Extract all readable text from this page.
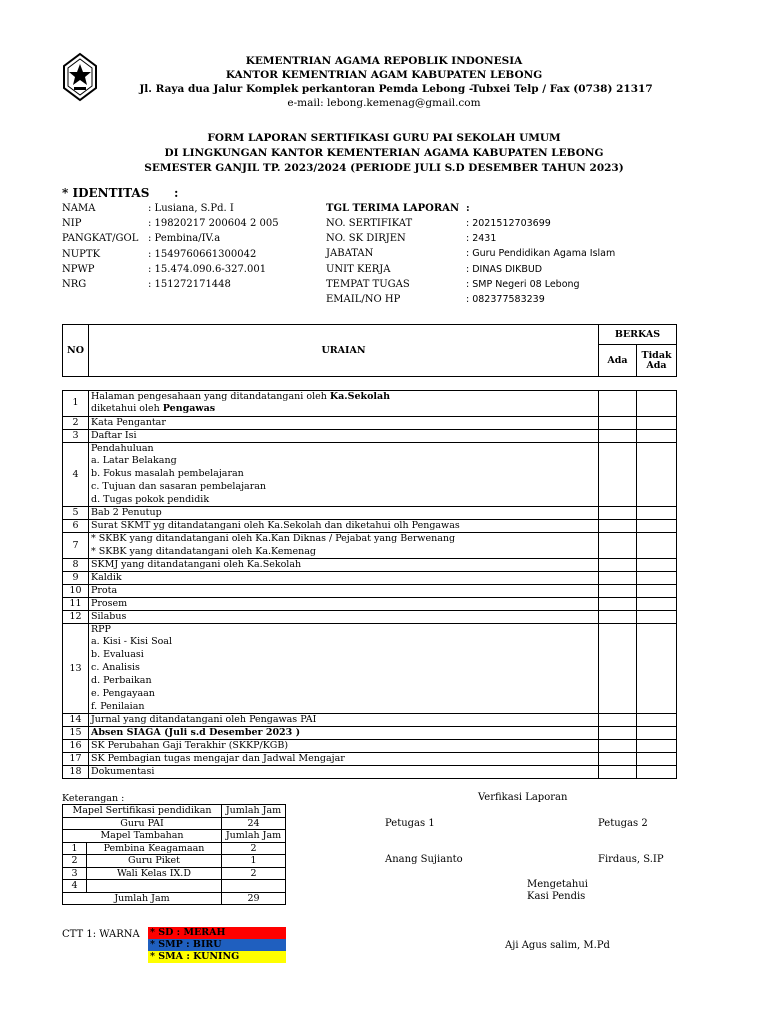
KEMENTRIAN AGAMA REPOBLIK INDONESIA
KANTOR KEMENTRIAN AGAM KABUPATEN LEBONG
Jl. Raya dua Jalur Komplek perkantoran Pemda Lebong -Tubxei Telp / Fax (0738) 21317
e-mail: lebong.kemenag@gmail.com
FORM LAPORAN SERTIFIKASI GURU PAI SEKOLAH UMUM
DI LINGKUNGAN KANTOR KEMENTERIAN AGAMA KABUPATEN LEBONG
SEMESTER GANJIL TP. 2023/2024 (PERIODE JULI S.D DESEMBER TAHUN 2023)
* IDENTITAS :
NAMA	: Lusiana, S.Pd. I
NIP	: 19820217 200604 2 005
PANGKAT/GOL : Pembina/IV.a
NUPTK	: 1549760661300042
NPWP	: 15.474.090.6-327.001
NRG	: 151272171448
TGL TERIMA LAPORAN :
NO. SERTIFIKAT	: 2021512703699
NO. SK DIRJEN	: 2431
JABATAN	: Guru Pendidikan Agama Islam
UNIT KERJA	: DINAS DIKBUD
TEMPAT TUGAS	: SMP Negeri 08 Lebong
EMAIL/NO HP	: 082377583239
NO	URAIAN	BERKAS	
		Ada	Tidak Ada
1	Halaman pengesahaan yang ditandatangani oleh Ka.Sekolah		
	diketahui oleh Pengawas		
2	Kata Pengantar		
3	Daftar Isi		
4	Pendahuluan		
	a. Latar Belakang		
	b. Fokus masalah pembelajaran		
	c. Tujuan dan sasaran pembelajaran		
	d. Tugas pokok pendidik		
5	Bab 2 Penutup		
6	Surat SKMT yg ditandatangani oleh Ka.Sekolah dan diketahui olh Pengawas		
7	* SKBK yang ditandatangani oleh Ka.Kan Diknas / Pejabat yang Berwenang		
	* SKBK yang ditandatangani oleh Ka.Kemenag		
8	SKMJ yang ditandatangani oleh Ka.Sekolah		
9	Kaldik		
10	Prota		
11	Prosem		
12	Silabus		
13	RPP		
	a. Kisi - Kisi Soal		
	b. Evaluasi		
	c. Analisis		
	d. Perbaikan		
	e. Pengayaan		
	f. Penilaian		
14	Jurnal yang ditandatangani oleh Pengawas PAI		
15	Absen SIAGA (Juli s.d Desember 2023 )		
16	SK Perubahan Gaji Terakhir (SKKP/KGB)		
17	SK Pembagian tugas mengajar dan Jadwal Mengajar		
18	Dokumentasi		
Keterangan :
Mapel Sertifikasi pendidikan		Jumlah Jam
Guru PAI		24
Mapel Tambahan		Jumlah Jam
1	Pembina Keagamaan	2
2	Guru Piket	1
3	Wali Kelas IX.D	2
4		
Jumlah Jam		29
Verfikasi Laporan
Petugas 1	Petugas 2
Anang Sujianto	Firdaus, S.IP
Mengetahui
Kasi Pendis
Aji Agus salim, M.Pd
CTT 1: WARNA * SD : MERAH
* SMP : BIRU
* SMA : KUNING
